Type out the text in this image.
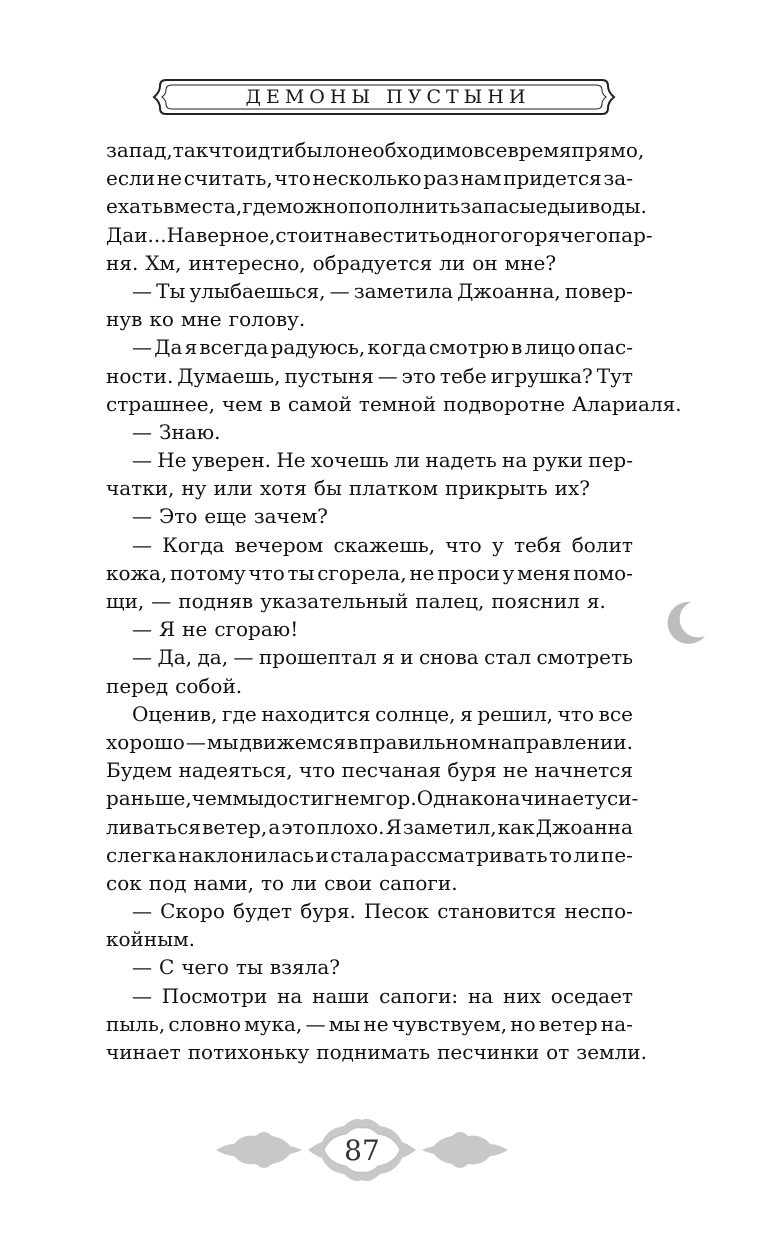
ДЕМОНЫ ПУСТЫНИ
запад, так что идти было необходимо все время прямо,
если не считать, что несколько раз нам придется за-
ехать в места, где можно пополнить запасы еды и воды.
Да и... Наверное, стоит навестить одного горячего пар-
ня. Хм, интересно, обрадуется ли он мне?
— Ты улыбаешься, — заметила Джоанна, повер-
нув ко мне голову.
— Да я всегда радуюсь, когда смотрю в лицо опас-
ности. Думаешь, пустыня — это тебе игрушка? Тут
страшнее, чем в самой темной подворотне Алариаля.
— Знаю.
— Не уверен. Не хочешь ли надеть на руки пер-
чатки, ну или хотя бы платком прикрыть их?
— Это еще зачем?
— Когда вечером скажешь, что у тебя болит
кожа, потому что ты сгорела, не проси у меня помо-
щи, — подняв указательный палец, пояснил я.
— Я не сгораю!
— Да, да, — прошептал я и снова стал смотреть
перед собой.
Оценив, где находится солнце, я решил, что все
хорошо — мы движемся в правильном направлении.
Будем надеяться, что песчаная буря не начнется
раньше, чем мы достигнем гор. Однако начинает уси-
ливаться ветер, а это плохо. Я заметил, как Джоанна
слегка наклонилась и стала рассматривать то ли пе-
сок под нами, то ли свои сапоги.
— Скоро будет буря. Песок становится неспо-
койным.
— С чего ты взяла?
— Посмотри на наши сапоги: на них оседает
пыль, словно мука, — мы не чувствуем, но ветер на-
чинает потихоньку поднимать песчинки от земли.
87
